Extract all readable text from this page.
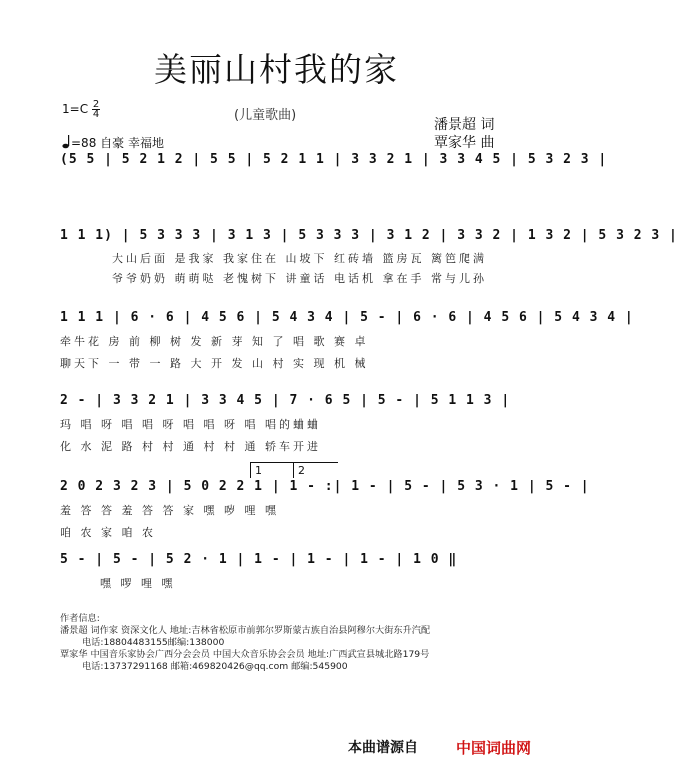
美丽山村我的家
(儿童歌曲)
$1=C \frac{2}{4}$
=88 自豪 幸福地
潘景超 词
覃家华 曲
(5 5 | 5 2 1 2 | 5 5 | 5 2 1 1 | 3 3 2 1 | 3 3 4 5 | 5 3 2 3 |
1 1 1) | 5 3 3 3 | 3 1 3 | 5 3 3 3 | 3 1 2 | 3 3 2 | 1 3 2 | 5 3 2 3 |
大山后面 是我家 我家住在 山坡下 红砖墙 篮房瓦 篱笆爬满
爷爷奶奶 萌萌哒 老愧树下 讲童话 电话机 拿在手 常与儿孙
1 1 1 | 6 · 6 | 4 5 6 | 5 4 3 4 | 5 - | 6 · 6 | 4 5 6 | 5 4 3 4 |
牵牛花 房 前 柳 树 发 新 芽 知 了 唱 歌 赛 卓
聊天下 一 带 一 路 大 开 发 山 村 实 现 机 械
2 - | 3 3 2 1 | 3 3 4 5 | 7 · 6 5 | 5 - | 5 1 1 3 |
玛 唱 呀 唱 唱 呀 唱 唱 呀 唱 唱的蛐蛐
化 水 泥 路 村 村 通 村 村 通 轿车开进
1	2
2 0 2 3 2 3 | 5 0 2 2 1 | 1 - :| 1 - | 5 - | 5 3 · 1 | 5 - |
羞 答 答 羞 答 答 家 嘿 哕 哩 嘿
咱 农 家 咱 农
5 - | 5 - | 5 2 · 1 | 1 - | 1 - | 1 - | 1 0 ‖
嘿 啰 哩 嘿
作者信息:
潘景超 词作家 资深文化人 地址:吉林省松原市前郭尔罗斯蒙古族自治县阿穆尔大街东升汽配
电话:18804483155邮编:138000
覃家华 中国音乐家协会广西分会会员 中国大众音乐协会会员 地址:广西武宣县城北路179号
电话:13737291168 邮箱:469820426@qq.com 邮编:545900
本曲谱源自	中国词曲网
